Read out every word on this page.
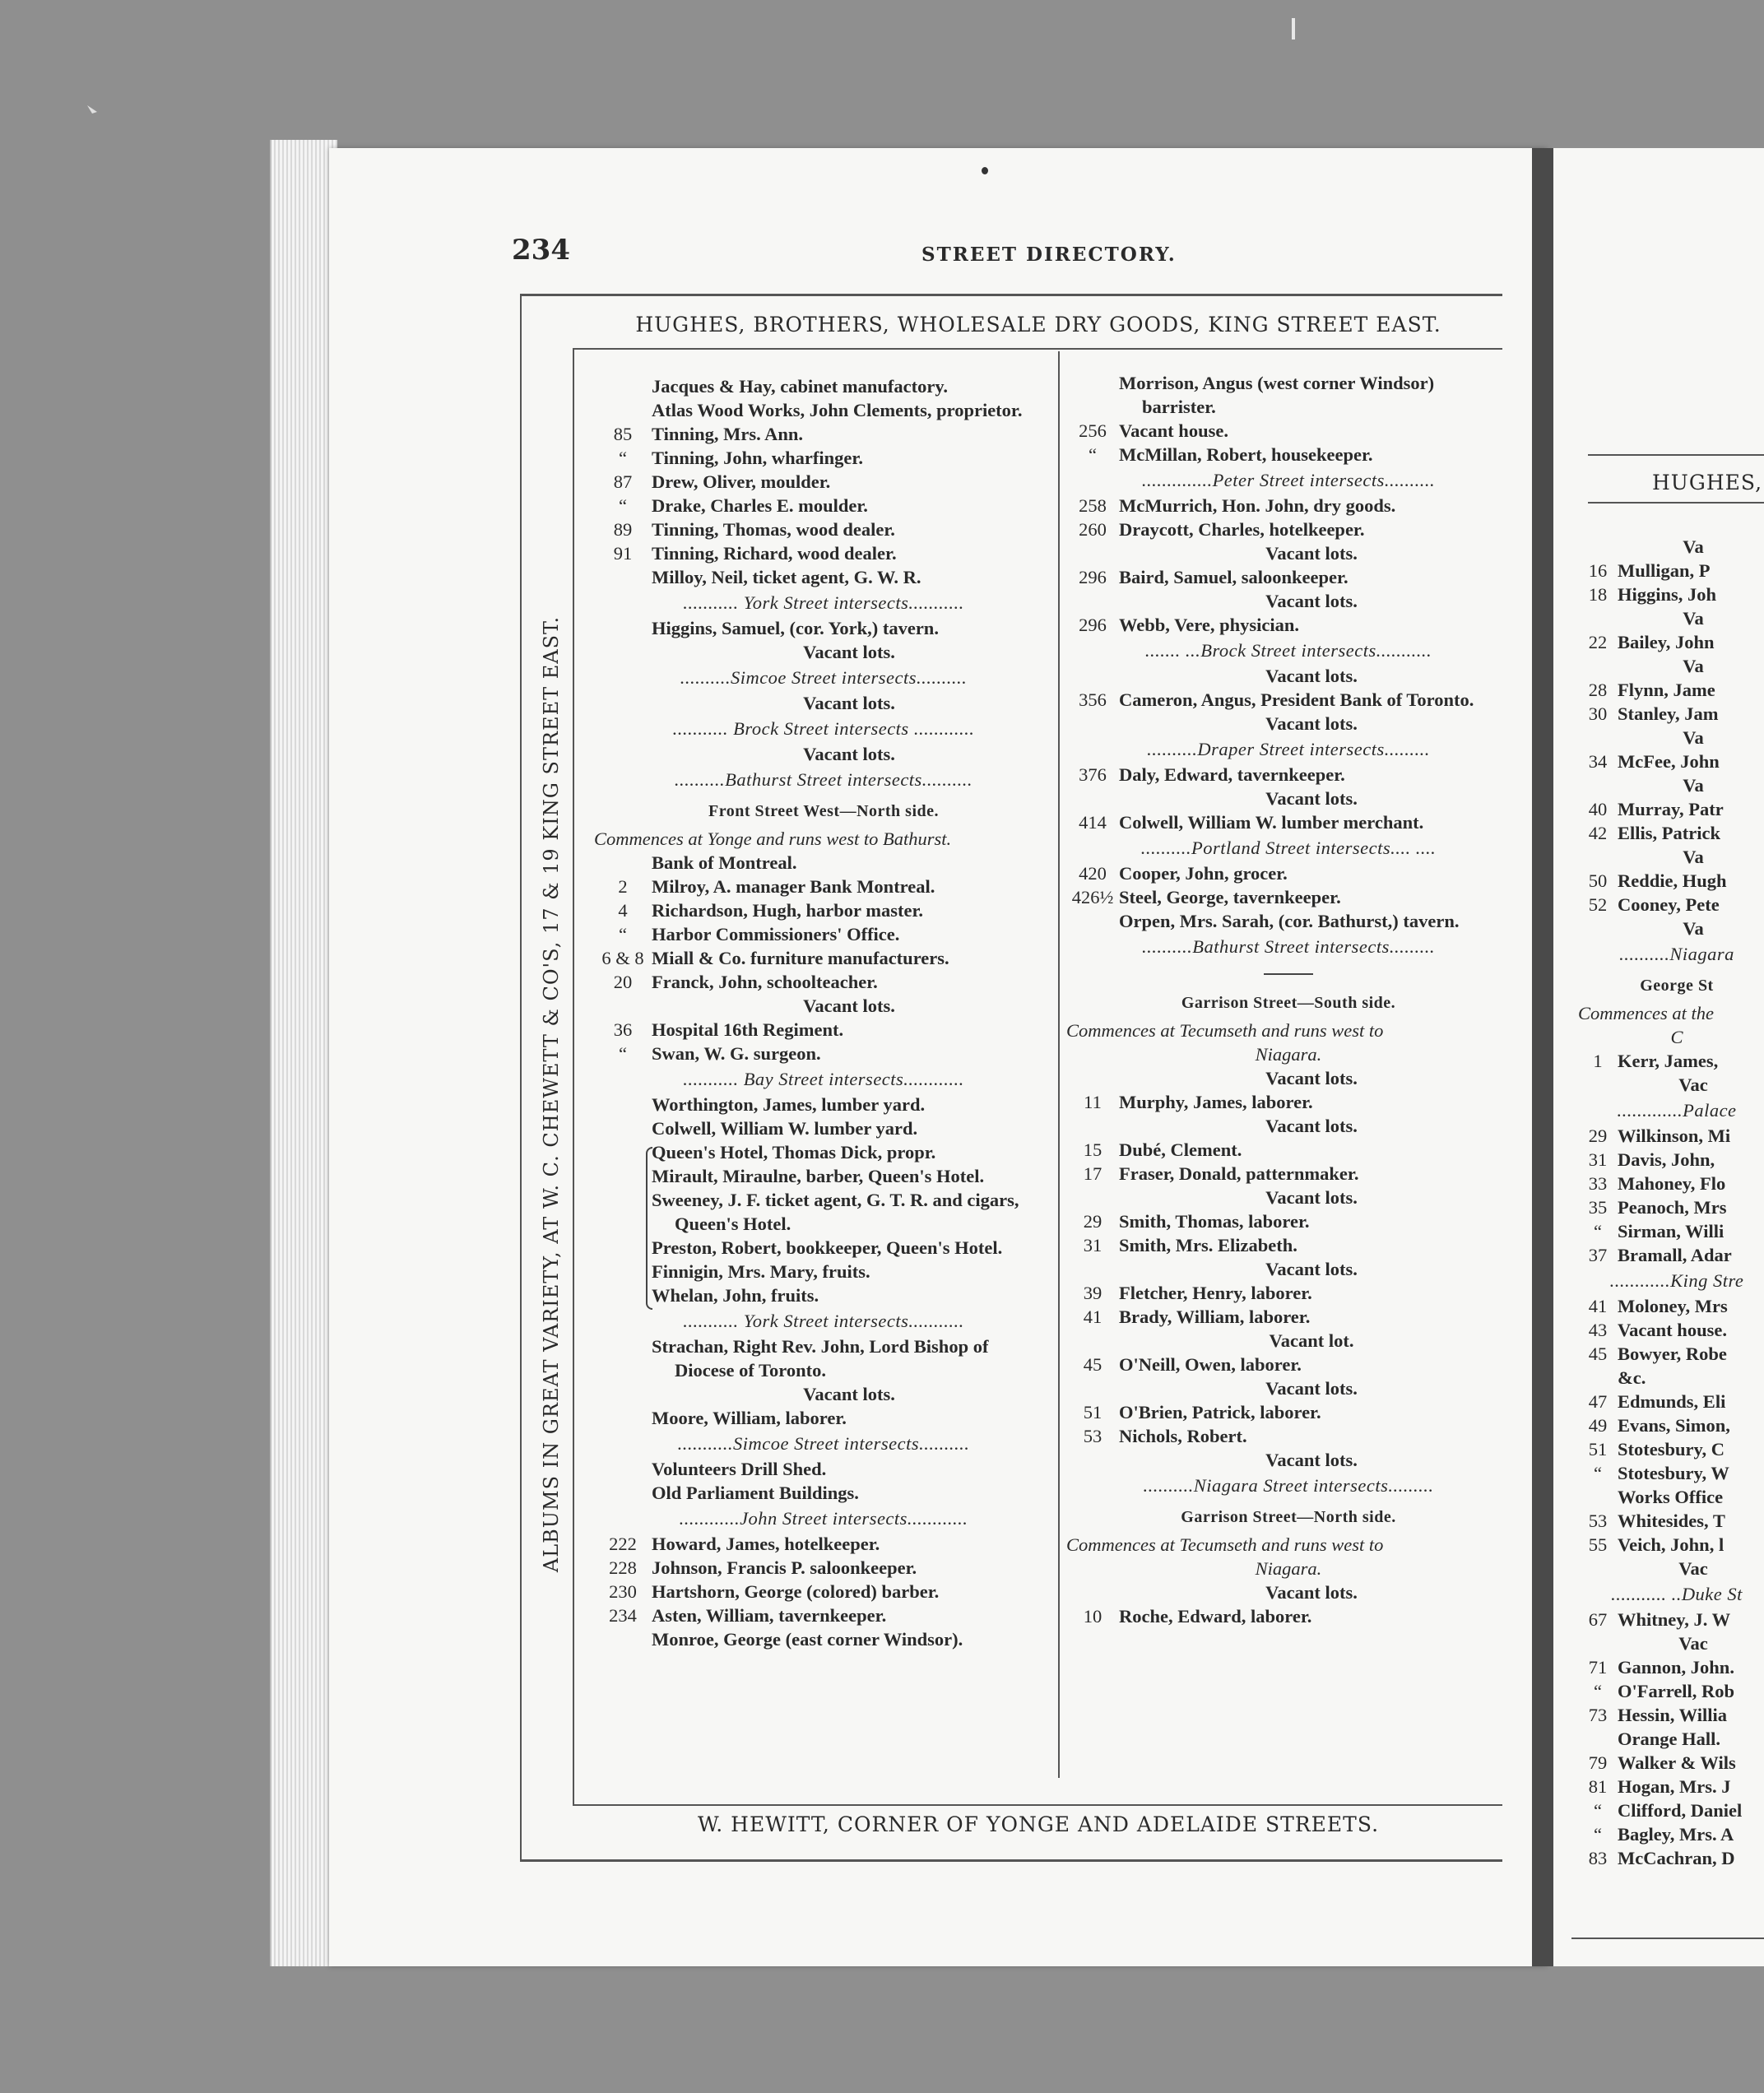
HUGHES,
Va
16 Mulligan, P
18 Higgins, Joh
Va
22 Bailey, John
Va
28 Flynn, Jame
30 Stanley, Jam
Va
34 McFee, John
Va
40 Murray, Patr
42 Ellis, Patrick
Va
50 Reddie, Hugh
52 Cooney, Pete
Va
..........Niagara
George St
Commences at the
C
1 Kerr, James,
Vac
.............Palace
29 Wilkinson, Mi
31 Davis, John,
33 Mahoney, Flo
35 Peanoch, Mrs
“ Sirman, Willi
37 Bramall, Adar
............King Stre
41 Moloney, Mrs
43 Vacant house.
45 Bowyer, Robe
&c.
47 Edmunds, Eli
49 Evans, Simon,
51 Stotesbury, C
“ Stotesbury, W
Works Office
53 Whitesides, T
55 Veich, John, l
Vac
........... ..Duke St
67 Whitney, J. W
Vac
71 Gannon, John.
“ O'Farrell, Rob
73 Hessin, Willia
Orange Hall.
79 Walker & Wils
81 Hogan, Mrs. J
“ Clifford, Daniel
“ Bagley, Mrs. A
83 McCachran, D
234	STREET DIRECTORY.
HUGHES, BROTHERS, WHOLESALE DRY GOODS, KING STREET EAST.
W. HEWITT, CORNER OF YONGE AND ADELAIDE STREETS.
ALBUMS IN GREAT VARIETY, AT W. C. CHEWETT & CO'S, 17 & 19 KING STREET EAST.
Jacques & Hay, cabinet manufactory.
Atlas Wood Works, John Clements, proprietor.
85	Tinning, Mrs. Ann.
“	Tinning, John, wharfinger.
87	Drew, Oliver, moulder.
“	Drake, Charles E. moulder.
89	Tinning, Thomas, wood dealer.
91	Tinning, Richard, wood dealer.
Milloy, Neil, ticket agent, G. W. R.
........... York Street intersects...........
Higgins, Samuel, (cor. York,) tavern.
Vacant lots.
..........Simcoe Street intersects..........
Vacant lots.
........... Brock Street intersects ............
Vacant lots.
..........Bathurst Street intersects..........
Front Street West—North side.
Commences at Yonge and runs west to Bathurst.
Bank of Montreal.
2	Milroy, A. manager Bank Montreal.
4	Richardson, Hugh, harbor master.
“	Harbor Commissioners' Office.
6 & 8 Miall & Co. furniture manufacturers.
20	Franck, John, schoolteacher.
Vacant lots.
36	Hospital 16th Regiment.
“	Swan, W. G. surgeon.
........... Bay Street intersects............
Worthington, James, lumber yard.
Colwell, William W. lumber yard.
Queen's Hotel, Thomas Dick, propr.
Mirault, Miraulne, barber, Queen's Hotel.
Sweeney, J. F. ticket agent, G. T. R. and cigars, Queen's Hotel.
Preston, Robert, bookkeeper, Queen's Hotel.
Finnigin, Mrs. Mary, fruits.
Whelan, John, fruits.
........... York Street intersects...........
Strachan, Right Rev. John, Lord Bishop of Diocese of Toronto.
Vacant lots.
Moore, William, laborer.
...........Simcoe Street intersects..........
Volunteers Drill Shed.
Old Parliament Buildings.
............John Street intersects............
222 Howard, James, hotelkeeper.
228 Johnson, Francis P. saloonkeeper.
230 Hartshorn, George (colored) barber.
234 Asten, William, tavernkeeper.
Monroe, George (east corner Windsor).
Morrison, Angus (west corner Windsor) barrister.
256 Vacant house.
“	McMillan, Robert, housekeeper.
..............Peter Street intersects..........
258 McMurrich, Hon. John, dry goods.
260 Draycott, Charles, hotelkeeper.
Vacant lots.
296 Baird, Samuel, saloonkeeper.
Vacant lots.
296 Webb, Vere, physician.
....... ...Brock Street intersects...........
Vacant lots.
356 Cameron, Angus, President Bank of Toronto.
Vacant lots.
..........Draper Street intersects.........
376 Daly, Edward, tavernkeeper.
Vacant lots.
414 Colwell, William W. lumber merchant.
..........Portland Street intersects.... ....
420 Cooper, John, grocer.
426½ Steel, George, tavernkeeper.
Orpen, Mrs. Sarah, (cor. Bathurst,) tavern.
..........Bathurst Street intersects.........
Garrison Street—South side.
Commences at Tecumseth and runs west to
Niagara.
Vacant lots.
11 Murphy, James, laborer.
Vacant lots.
15 Dubé, Clement.
17 Fraser, Donald, patternmaker.
Vacant lots.
29 Smith, Thomas, laborer.
31 Smith, Mrs. Elizabeth.
Vacant lots.
39 Fletcher, Henry, laborer.
41 Brady, William, laborer.
Vacant lot.
45 O'Neill, Owen, laborer.
Vacant lots.
51 O'Brien, Patrick, laborer.
53 Nichols, Robert.
Vacant lots.
..........Niagara Street intersects.........
Garrison Street—North side.
Commences at Tecumseth and runs west to
Niagara.
Vacant lots.
10 Roche, Edward, laborer.
